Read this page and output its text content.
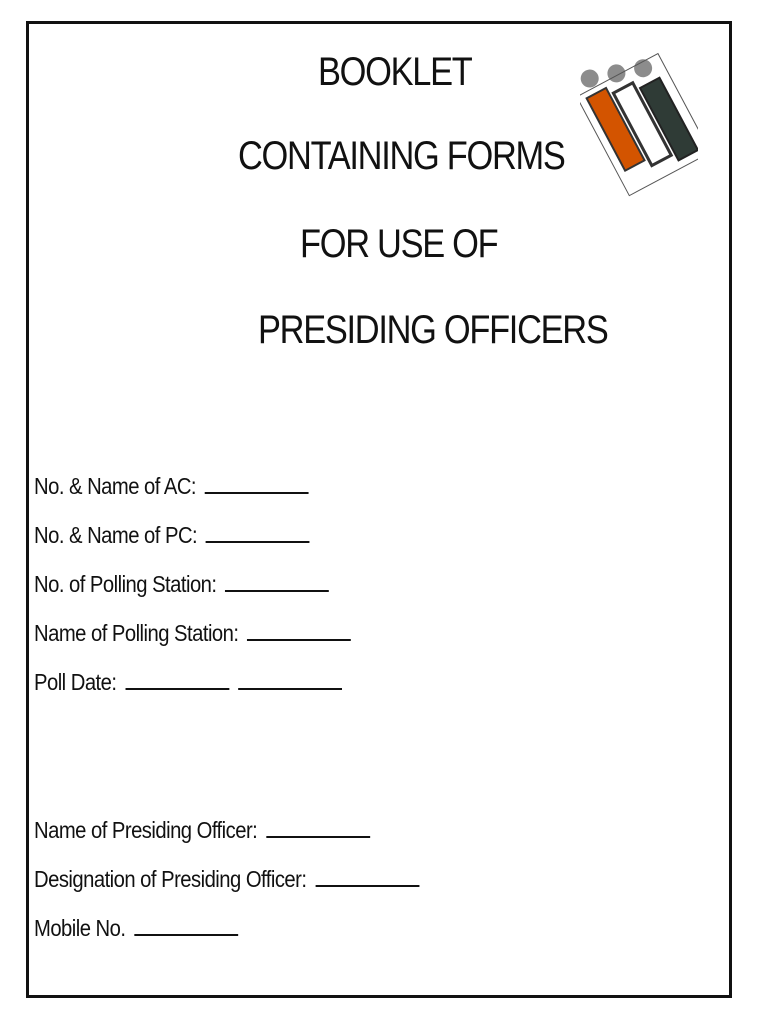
BOOKLET
CONTAINING FORMS
FOR USE OF
PRESIDING OFFICERS
No. & Name of AC:
No. & Name of PC:
No. of Polling Station:
Name of Polling Station:
Poll Date:
Name of Presiding Officer:
Designation of Presiding Officer:
Mobile No.
